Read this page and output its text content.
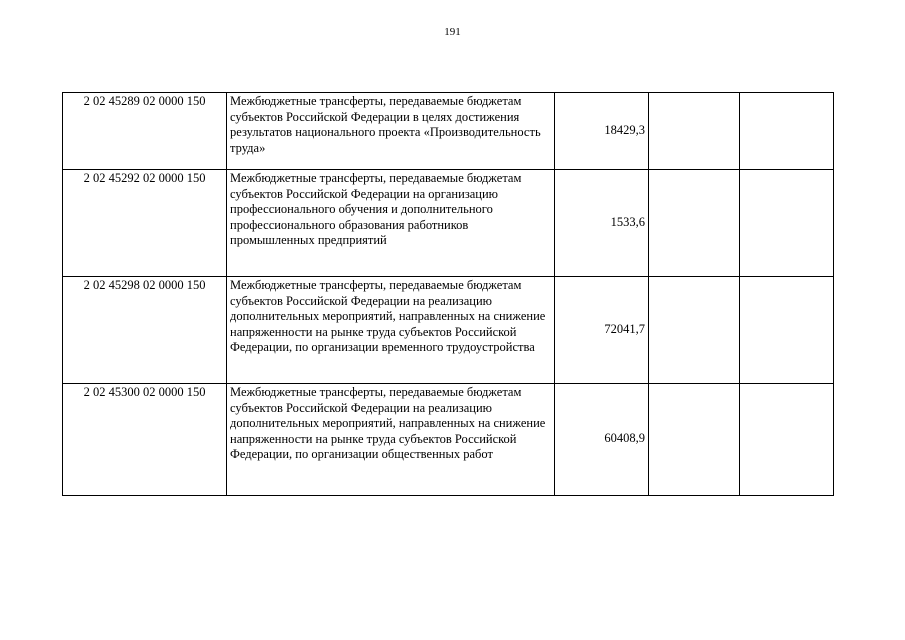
191
2 02 45289 02 0000 150	Межбюджетные трансферты, передаваемые бюджетам субъектов Российской Федерации в целях достижения результатов национального проекта «Производительность труда»	18429,3		
2 02 45292 02 0000 150	Межбюджетные трансферты, передаваемые бюджетам субъектов Российской Федерации на организацию профессионального обучения и дополнительного профессионального образования работников промышленных предприятий	1533,6		
2 02 45298 02 0000 150	Межбюджетные трансферты, передаваемые бюджетам субъектов Российской Федерации на реализацию дополнительных мероприятий, направленных на снижение напряженности на рынке труда субъектов Российской Федерации, по организации временного трудоустройства	72041,7		
2 02 45300 02 0000 150	Межбюджетные трансферты, передаваемые бюджетам субъектов Российской Федерации на реализацию дополнительных мероприятий, направленных на снижение напряженности на рынке труда субъектов Российской Федерации, по организации общественных работ	60408,9		
